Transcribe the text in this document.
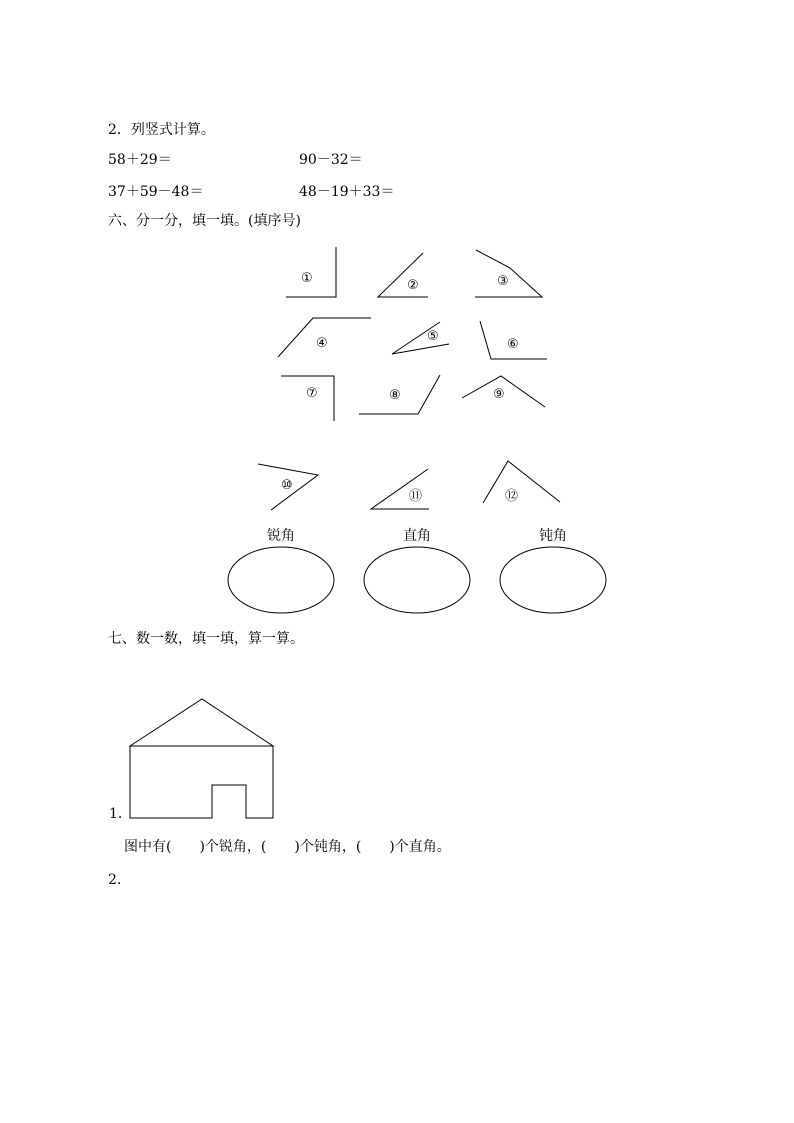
2．列竖式计算。
58＋29＝	90－32＝
37＋59－48＝	48－19＋33＝
六、分一分，填一填。(填序号)
①	②	③
④	⑤
⑥
⑦	⑧	⑨
⑩
⑪	⑫
锐角	直角	钝角
七、数一数，填一填，算一算。
1.
图中有(　　)个锐角，(　　)个钝角，(　　)个直角。
2.
